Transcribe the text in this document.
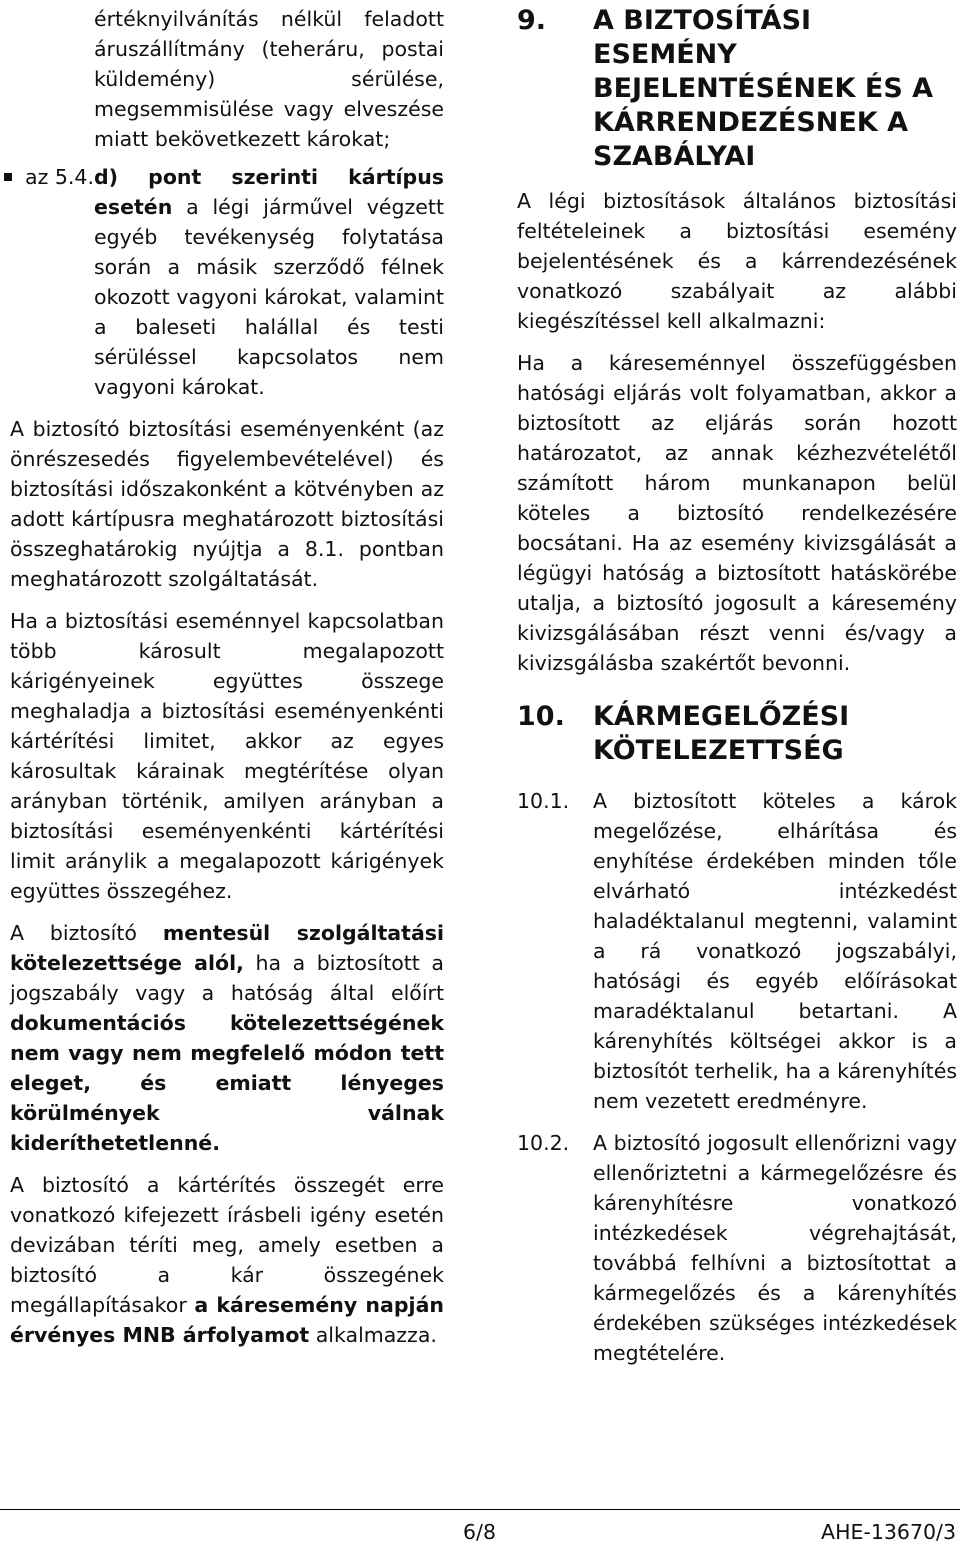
értéknyilvánítás nélkül feladott áruszállítmány (teheráru, postai küldemény) sérülése, megsemmisülése vagy elveszése miatt bekövetkezett károkat;

az 5.4.d) pont szerinti kártípus esetén a légi járművel végzett egyéb tevékenység folytatása során a másik szerződő félnek okozott vagyoni károkat, valamint a baleseti halállal és testi sérüléssel kapcsolatos nem vagyoni károkat.

A biztosító biztosítási eseményenként (az önrészesedés figyelembevételével) és biztosítási időszakonként a kötvényben az adott kártípusra meghatározott biztosítási összeghatárokig nyújtja a 8.1. pontban meghatározott szolgáltatását.

Ha a biztosítási eseménnyel kapcsolatban több károsult megalapozott kárigényeinek együttes összege meghaladja a biztosítási eseményenkénti kártérítési limitet, akkor az egyes károsultak kárainak megtérítése olyan arányban történik, amilyen arányban a biztosítási eseményenkénti kártérítési limit aránylik a megalapozott kárigények együttes összegéhez.

A biztosító mentesül szolgáltatási kötelezettsége alól, ha a biztosított a jogszabály vagy a hatóság által előírt dokumentációs kötelezettségének nem vagy nem megfelelő módon tett eleget, és emiatt lényeges körülmények válnak kideríthetetlenné.

A biztosító a kártérítés összegét erre vonatkozó kifejezett írásbeli igény esetén devizában téríti meg, amely esetben a biztosító a kár összegének megállapításakor a káresemény napján érvényes MNB árfolyamot alkalmazza.

9.	A BIZTOSÍTÁSI ESEMÉNY BEJELENTÉSÉNEK ÉS A KÁRRENDEZÉSNEK A SZABÁLYAI

A légi biztosítások általános biztosítási feltételeinek a biztosítási esemény bejelentésének és a kárrendezésének vonatkozó szabályait az alábbi kiegészítéssel kell alkalmazni:

Ha a káreseménnyel összefüggésben hatósági eljárás volt folyamatban, akkor a biztosított az eljárás során hozott határozatot, az annak kézhezvételétől számított három munkanapon belül köteles a biztosító rendelkezésére bocsátani. Ha az esemény kivizsgálását a légügyi hatóság a biztosított hatáskörébe utalja, a biztosító jogosult a káresemény kivizsgálásában részt venni és/vagy a kivizsgálásba szakértőt bevonni.

10.	KÁRMEGELŐZÉSI KÖTELEZETTSÉG
10.1.	A biztosított köteles a károk megelőzése, elhárítása és enyhítése érdekében minden tőle elvárható intézkedést haladéktalanul megtenni, valamint a rá vonatkozó jogszabályi, hatósági és egyéb előírásokat maradéktalanul betartani. A kárenyhítés költségei akkor is a biztosítót terhelik, ha a kárenyhítés nem vezetett eredményre.
10.2.	A biztosító jogosult ellenőrizni vagy ellenőriztetni a kármegelőzésre és kárenyhítésre vonatkozó intézkedések végrehajtását, továbbá felhívni a biztosítottat a kármegelőzés és a kárenyhítés érdekében szükséges intézkedések megtételére.
6/8	AHE-13670/3
